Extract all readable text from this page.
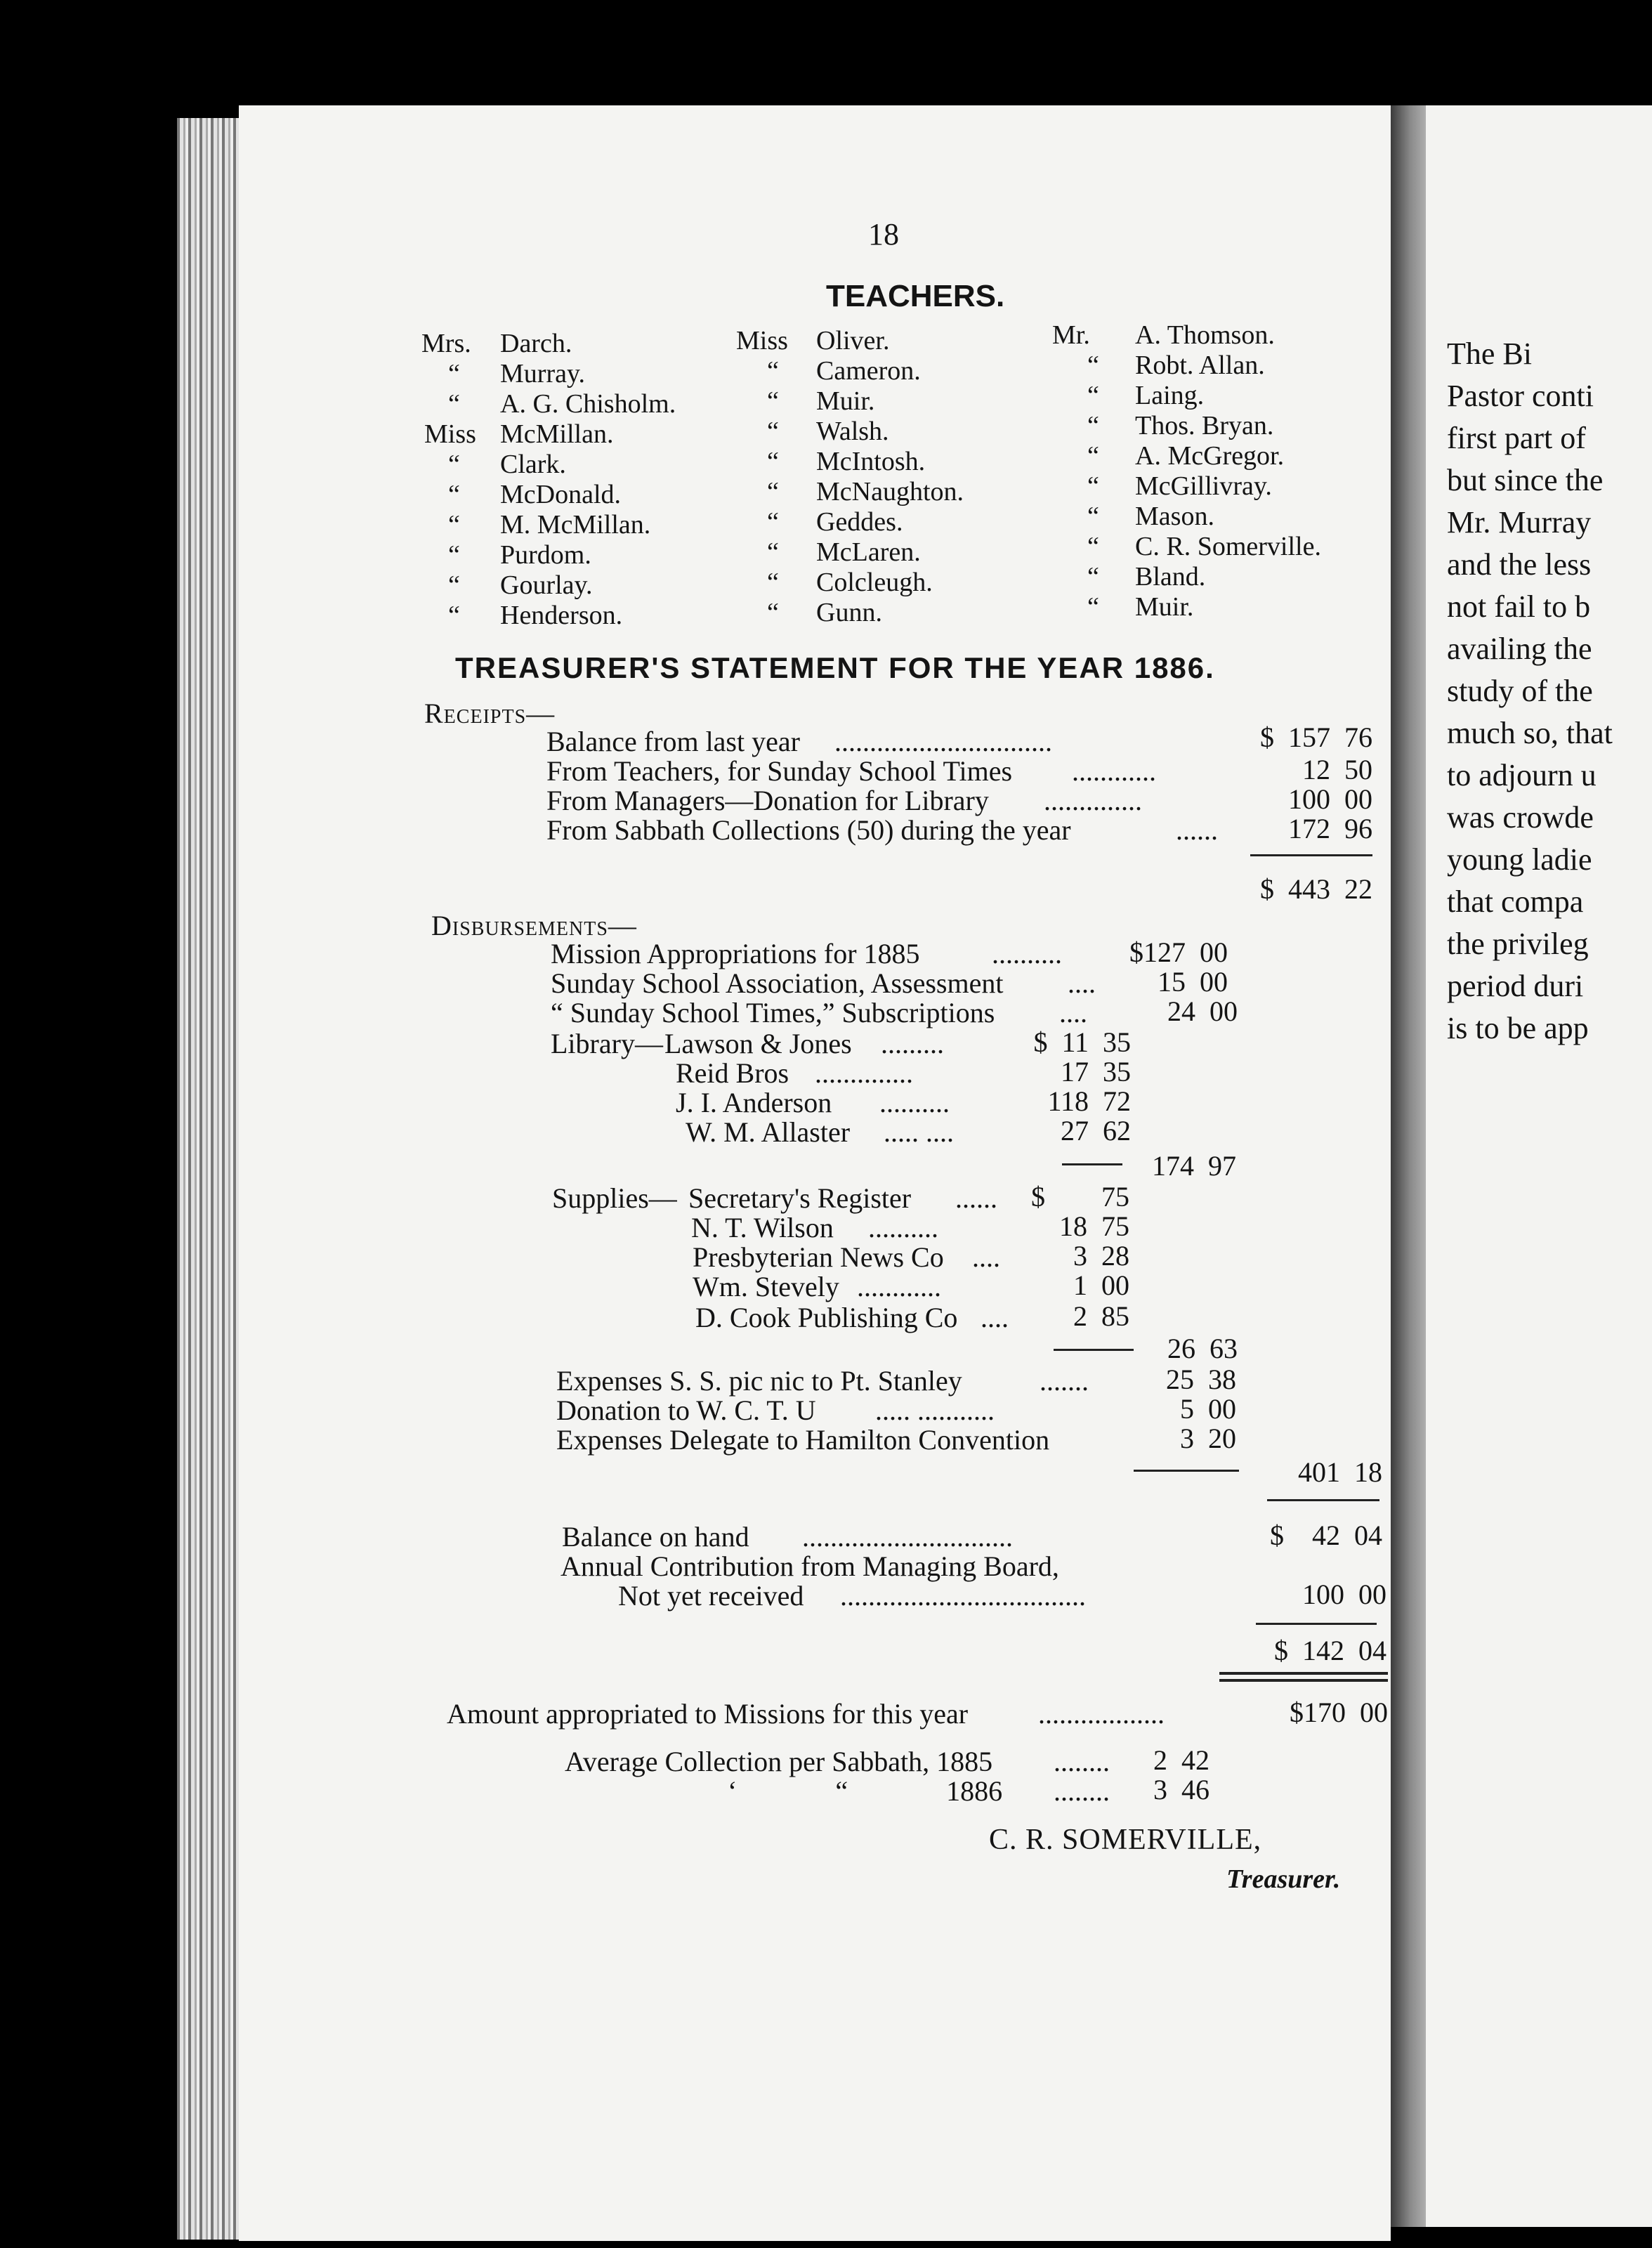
The Bi
Pastor conti
first part of
but since the
Mr. Murray
and the less
not fail to b
availing the
study of the
much so, that
to adjourn u
was crowde
young ladie
that compa
the privileg
period duri
is to be app
18
TEACHERS.
Mrs. Darch.
“ Murray.
“ A. G. Chisholm.
Miss McMillan.
“ Clark.
“ McDonald.
“ M. McMillan.
“ Purdom.
“ Gourlay.
“ Henderson.
Miss Oliver.
“ Cameron.
“ Muir.
“ Walsh.
“ McIntosh.
“ McNaughton.
“ Geddes.
“ McLaren.
“ Colcleugh.
“ Gunn.
Mr. A. Thomson.
“ Robt. Allan.
“ Laing.
“ Thos. Bryan.
“ A. McGregor.
“ McGillivray.
“ Mason.
“ C. R. Somerville.
“ Bland.
“ Muir.
TREASURER'S STATEMENT FOR THE YEAR 1886.
Receipts—
Balance from last year ...............................	$  157  76
From Teachers, for Sunday School Times ............	12  50
From Managers—Donation for Library ..............	100  00
From Sabbath Collections (50) during the year	......	172  96
$  443  22
Disbursements—
Mission Appropriations for 1885	.......... $127  00
Sunday School Association, Assessment .... 15  00
“ Sunday School Times,” Subscriptions ....	24  00
Library— Lawson & Jones .........	$  11  35
Reid Bros ..............	17  35
J. I. Anderson ..........	118  72
W. M. Allaster ..... ....	27  62
174  97
Supplies— Secretary's Register ...... $        75
N. T. Wilson ..........	18  75
Presbyterian News Co ....	3  28
Wm. Stevely ............	1  00
D. Cook Publishing Co .... 2  85
26  63
Expenses S. S. pic nic to Pt. Stanley	.......	25  38
Donation to W. C. T. U ..... ...........	5  00
Expenses Delegate to Hamilton Convention	3  20
401  18
Balance on hand ..............................	$    42  04
Annual Contribution from Managing Board,
Not yet received ...................................	100  00
$  142  04
Amount appropriated to Missions for this year ..................	$170  00
Average Collection per Sabbath, 1885 ........ 2  42
‘              “              1886 ........ 3  46
C. R. SOMERVILLE,
Treasurer.
